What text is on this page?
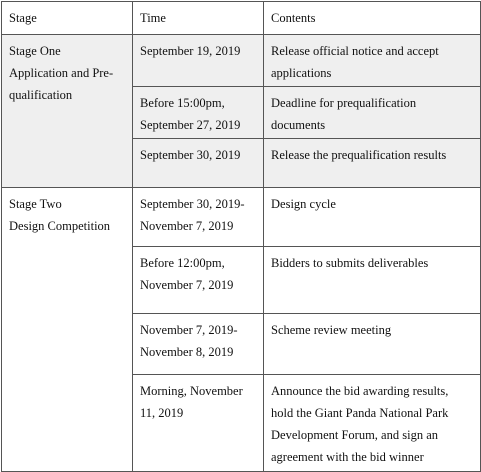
Stage	Time	Contents

Stage One
Application and Pre-qualification	September 19, 2019	Release official notice and accept applications
	Before 15:00pm, September 27, 2019	Deadline for prequalification documents
	September 30, 2019	Release the prequalification results

Stage Two
Design Competition	September 30, 2019-November 7, 2019	Design cycle
	Before 12:00pm, November 7, 2019	Bidders to submits deliverables
	November 7, 2019-November 8, 2019	Scheme review meeting
	Morning, November 11, 2019	Announce the bid awarding results, hold the Giant Panda National Park Development Forum, and sign an agreement with the bid winner
